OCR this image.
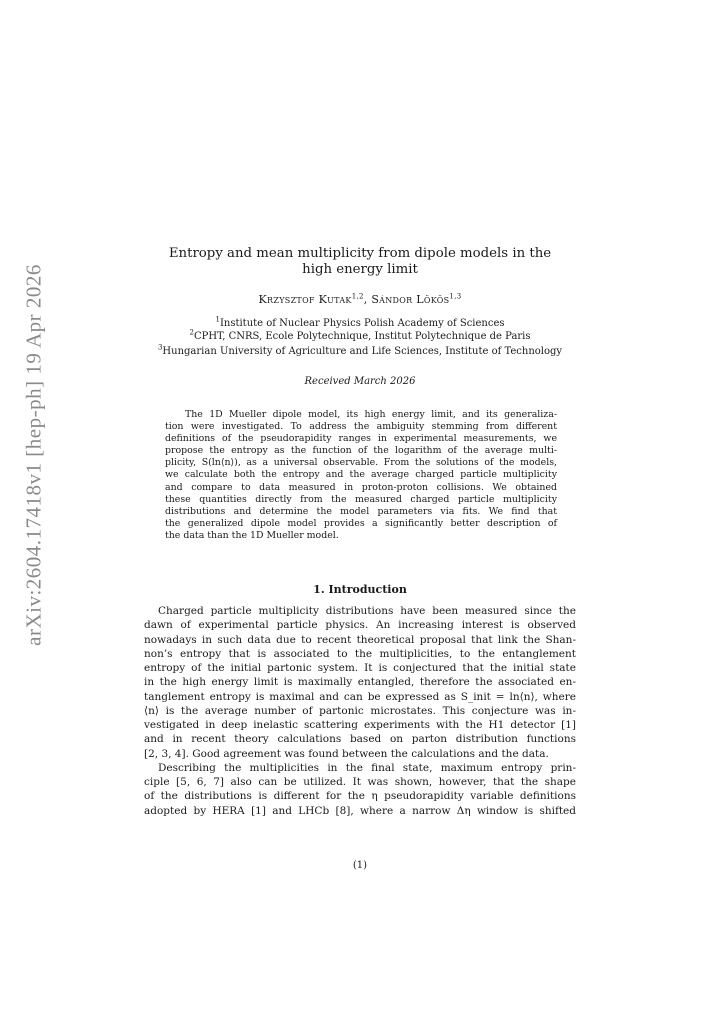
arXiv:2604.17418v1 [hep-ph] 19 Apr 2026
Entropy and mean multiplicity from dipole models in the
high energy limit
Krzysztof Kutak$^{1,2}$, Sándor Lökös$^{1,3}$
$^1$Institute of Nuclear Physics Polish Academy of Sciences
$^2$CPHT, CNRS, Ecole Polytechnique, Institut Polytechnique de Paris
$^3$Hungarian University of Agriculture and Life Sciences, Institute of Technology
Received March 2026
The 1D Mueller dipole model, its high energy limit, and its generaliza-
tion were investigated. To address the ambiguity stemming from different
definitions of the pseudorapidity ranges in experimental measurements, we
propose the entropy as the function of the logarithm of the average multi-
plicity, S(ln⟨n⟩), as a universal observable. From the solutions of the models,
we calculate both the entropy and the average charged particle multiplicity
and compare to data measured in proton-proton collisions. We obtained
these quantities directly from the measured charged particle multiplicity
distributions and determine the model parameters via fits. We find that
the generalized dipole model provides a significantly better description of
the data than the 1D Mueller model.
1. Introduction
Charged particle multiplicity distributions have been measured since the
dawn of experimental particle physics. An increasing interest is observed
nowadays in such data due to recent theoretical proposal that link the Shan-
non’s entropy that is associated to the multiplicities, to the entanglement
entropy of the initial partonic system. It is conjectured that the initial state
in the high energy limit is maximally entangled, therefore the associated en-
tanglement entropy is maximal and can be expressed as S_init = ln⟨n⟩, where
⟨n⟩ is the average number of partonic microstates. This conjecture was in-
vestigated in deep inelastic scattering experiments with the H1 detector [1]
and in recent theory calculations based on parton distribution functions
[2, 3, 4]. Good agreement was found between the calculations and the data.
Describing the multiplicities in the final state, maximum entropy prin-
ciple [5, 6, 7] also can be utilized. It was shown, however, that the shape
of the distributions is different for the η pseudorapidity variable definitions
adopted by HERA [1] and LHCb [8], where a narrow Δη window is shifted
(1)
